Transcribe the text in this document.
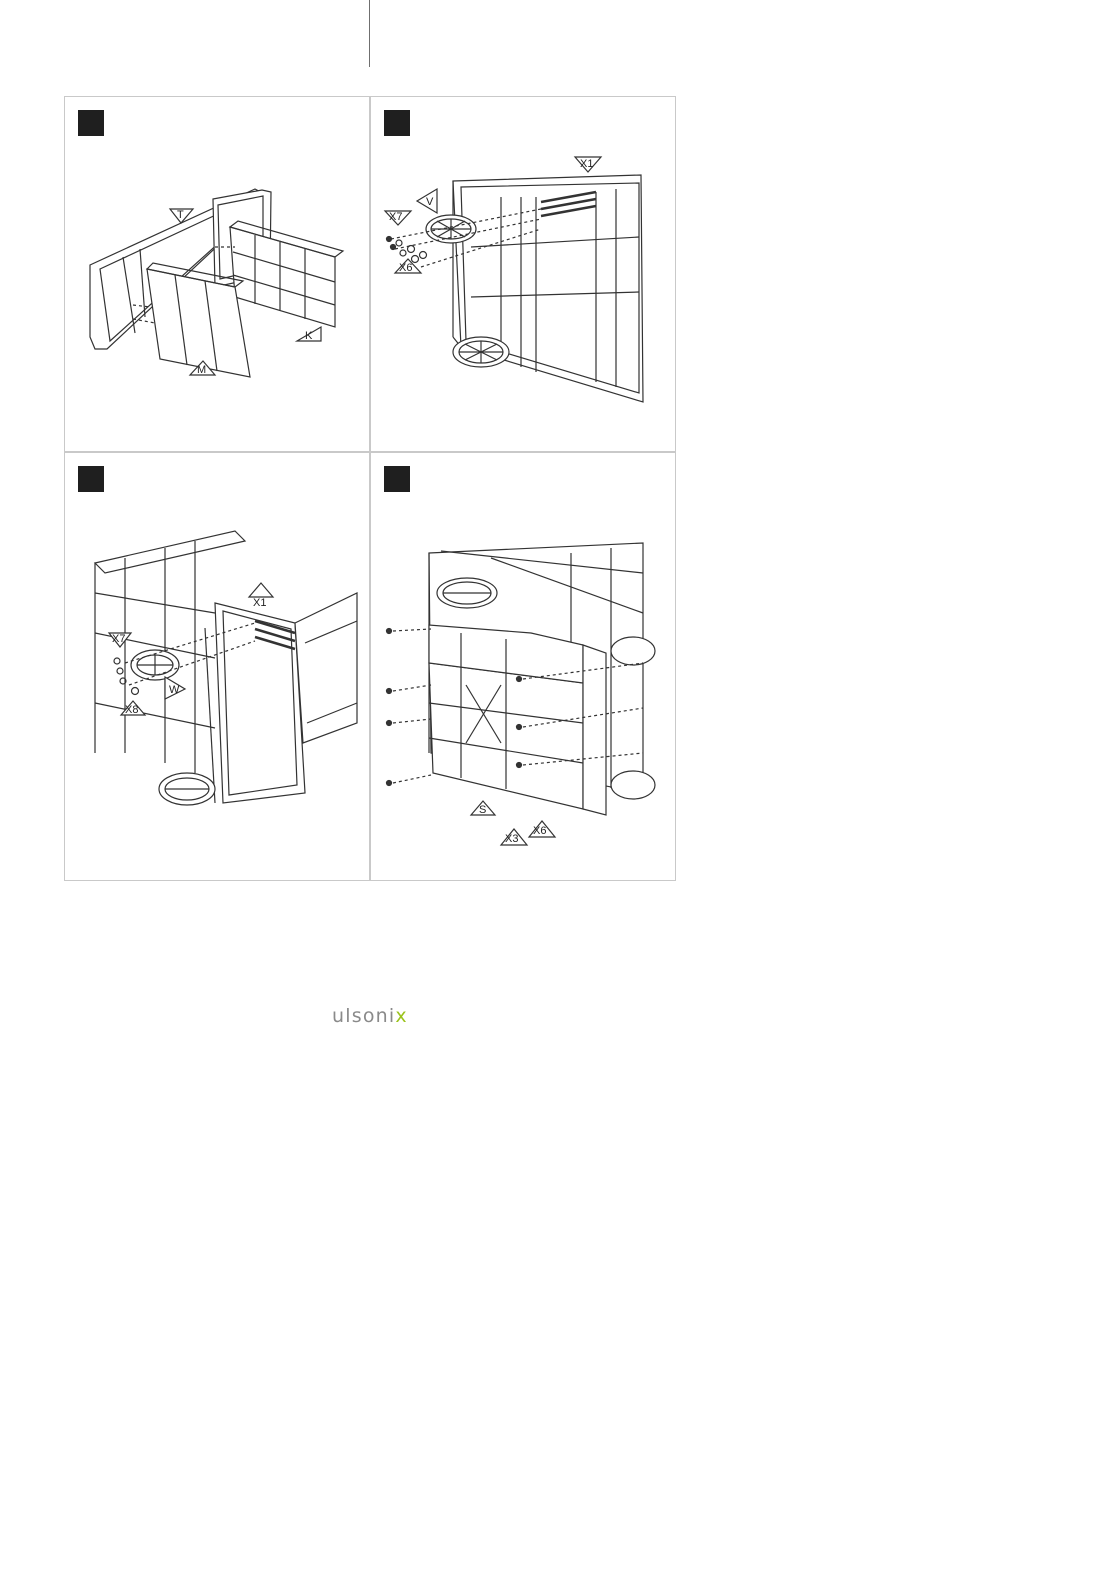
T
K
M
X1
V
X7
X6
X1
X7
W
X8
S
X3
X6
ulsonix
